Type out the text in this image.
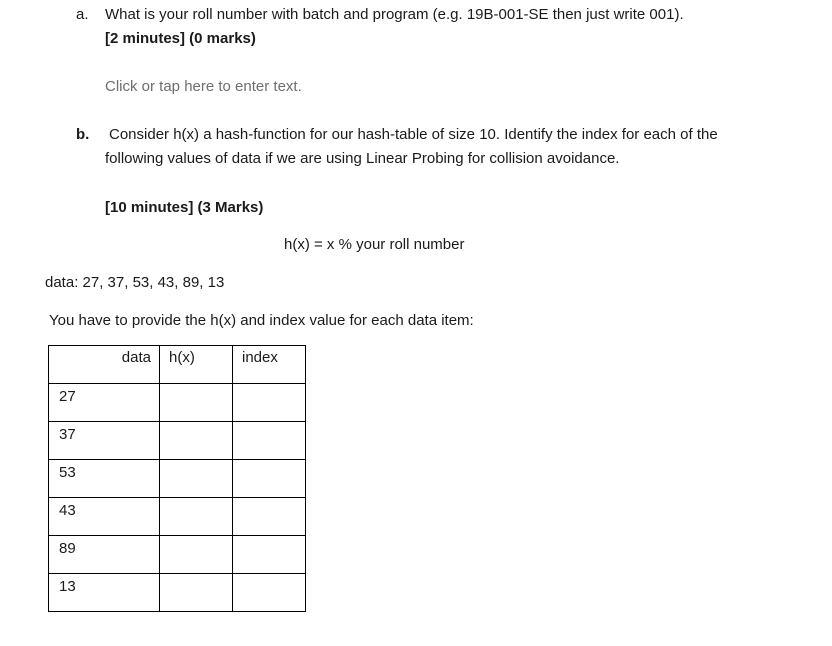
a. What is your roll number with batch and program (e.g. 19B-001-SE then just write 001).
[2 minutes] (0 marks)
Click or tap here to enter text.
b. Consider h(x) a hash-function for our hash-table of size 10. Identify the index for each of the
following values of data if we are using Linear Probing for collision avoidance.
[10 minutes] (3 Marks)
h(x) = x % your roll number
data: 27, 37, 53, 43, 89, 13
You have to provide the h(x) and index value for each data item:
data	h(x)	index

27		

37		

53		

43		

89		

13		
